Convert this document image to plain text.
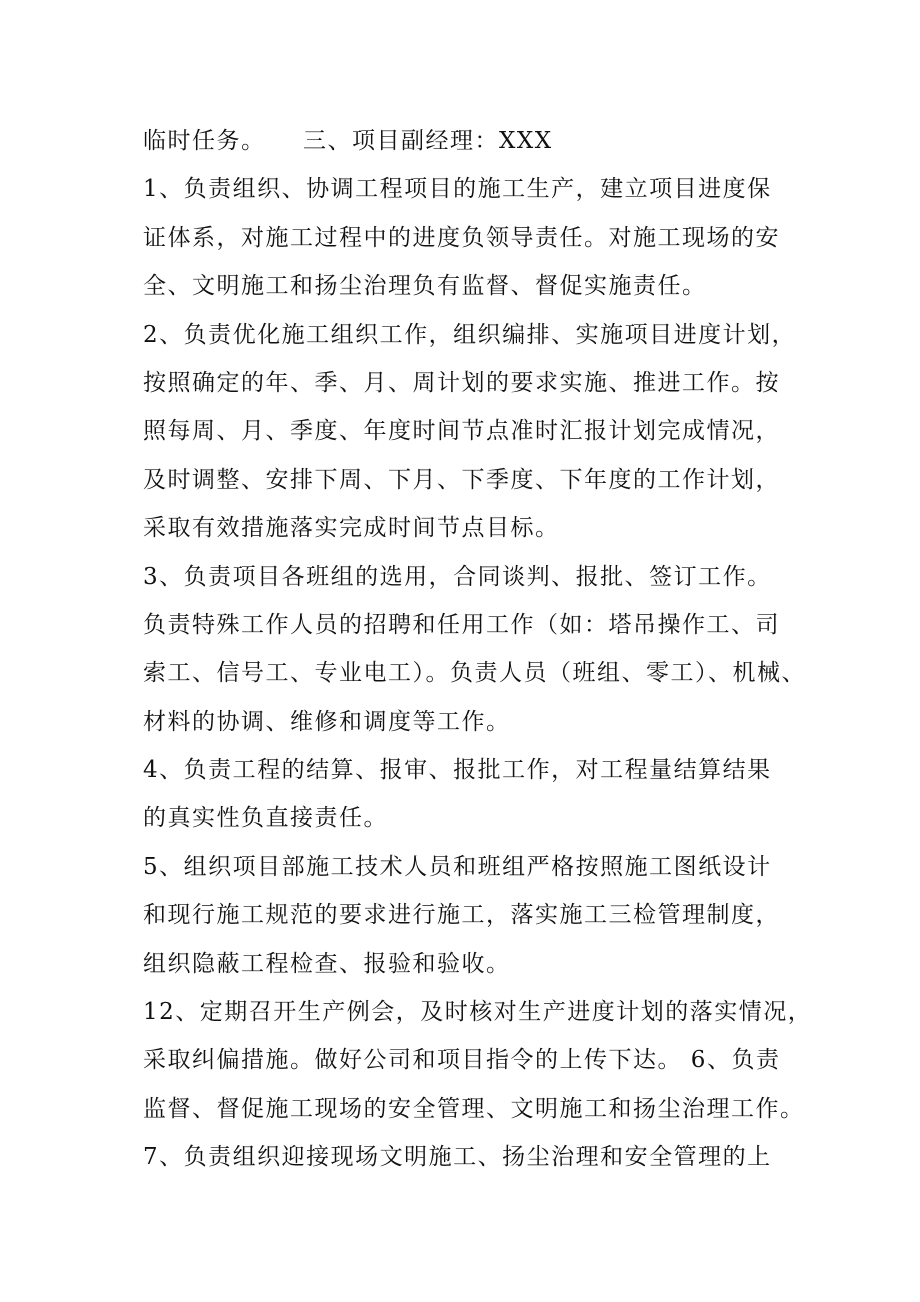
临时任务。　　三、项目副经理：XXX
1、负责组织、协调工程项目的施工生产，建立项目进度保
证体系，对施工过程中的进度负领导责任。对施工现场的安
全、文明施工和扬尘治理负有监督、督促实施责任。
2、负责优化施工组织工作，组织编排、实施项目进度计划，
按照确定的年、季、月、周计划的要求实施、推进工作。按
照每周、月、季度、年度时间节点准时汇报计划完成情况，
及时调整、安排下周、下月、下季度、下年度的工作计划，
采取有效措施落实完成时间节点目标。
3、负责项目各班组的选用，合同谈判、报批、签订工作。
负责特殊工作人员的招聘和任用工作（如：塔吊操作工、司
索工、信号工、专业电工）。负责人员（班组、零工）、机械、
材料的协调、维修和调度等工作。
4、负责工程的结算、报审、报批工作，对工程量结算结果
的真实性负直接责任。
5、组织项目部施工技术人员和班组严格按照施工图纸设计
和现行施工规范的要求进行施工，落实施工三检管理制度，
组织隐蔽工程检查、报验和验收。
12、定期召开生产例会，及时核对生产进度计划的落实情况，
采取纠偏措施。做好公司和项目指令的上传下达。 6、负责
监督、督促施工现场的安全管理、文明施工和扬尘治理工作。
7、负责组织迎接现场文明施工、扬尘治理和安全管理的上
